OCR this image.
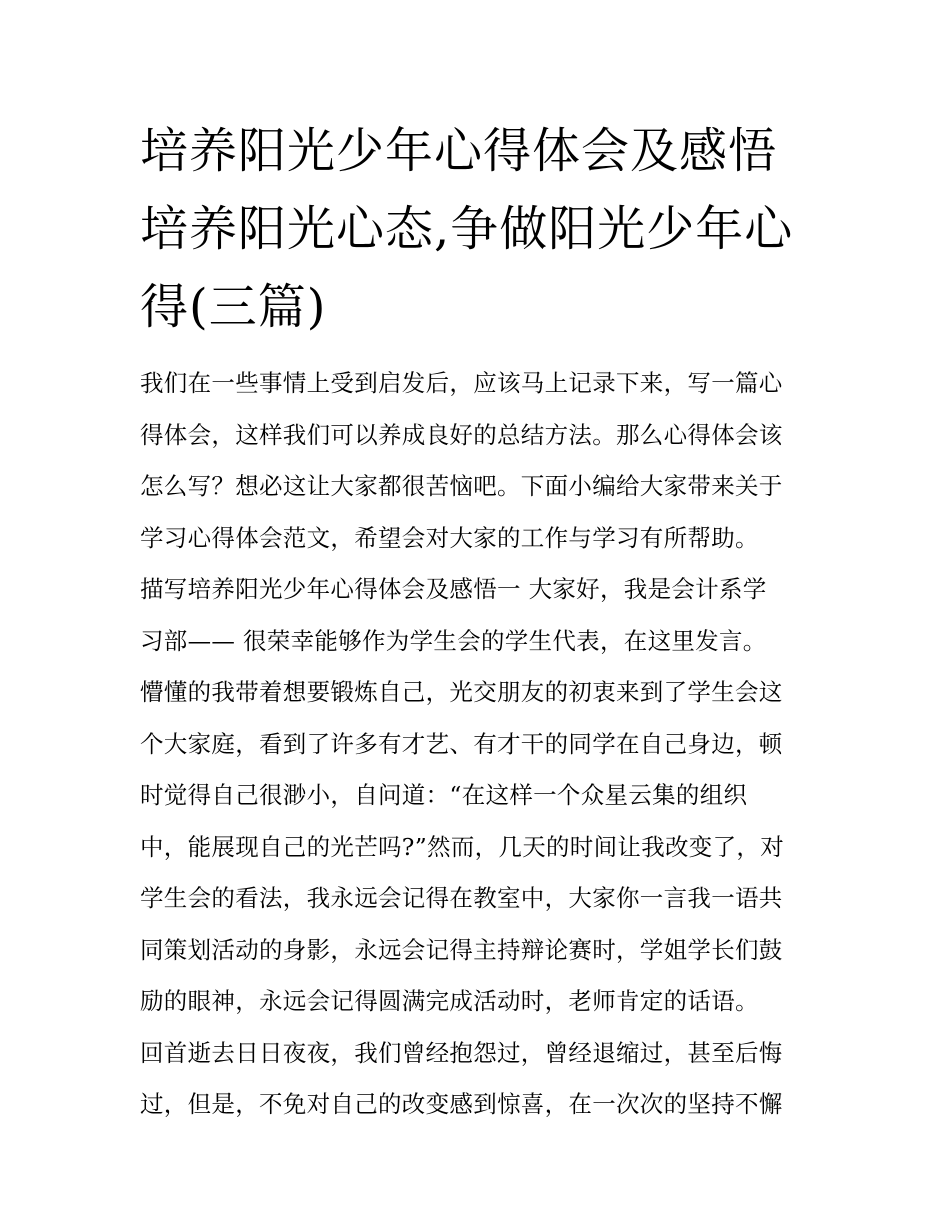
培养阳光少年心得体会及感悟
培养阳光心态,争做阳光少年心
得(三篇)
我们在一些事情上受到启发后，应该马上记录下来，写一篇心
得体会，这样我们可以养成良好的总结方法。那么心得体会该
怎么写？想必这让大家都很苦恼吧。下面小编给大家带来关于
学习心得体会范文，希望会对大家的工作与学习有所帮助。
描写培养阳光少年心得体会及感悟一 大家好，我是会计系学
习部—— 很荣幸能够作为学生会的学生代表，在这里发言。
懵懂的我带着想要锻炼自己，光交朋友的初衷来到了学生会这
个大家庭，看到了许多有才艺、有才干的同学在自己身边，顿
时觉得自己很渺小，自问道：“在这样一个众星云集的组织
中，能展现自己的光芒吗?”然而，几天的时间让我改变了，对
学生会的看法，我永远会记得在教室中，大家你一言我一语共
同策划活动的身影，永远会记得主持辩论赛时，学姐学长们鼓
励的眼神，永远会记得圆满完成活动时，老师肯定的话语。
回首逝去日日夜夜，我们曾经抱怨过，曾经退缩过，甚至后悔
过，但是，不免对自己的改变感到惊喜，在一次次的坚持不懈
